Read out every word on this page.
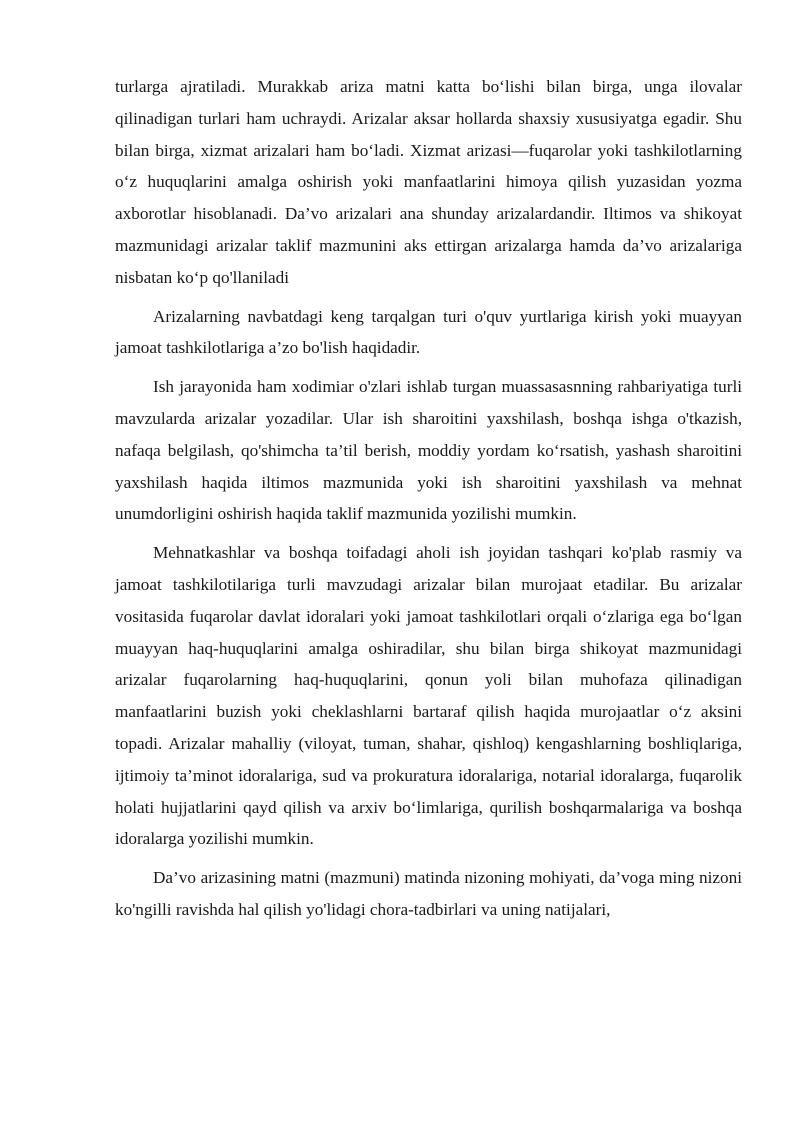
turlarga ajratiladi. Murakkab ariza matni katta boʻlishi bilan birga, unga ilovalar qilinadigan turlari ham uchraydi. Arizalar aksar hollarda shaxsiy xususiyatga egadir. Shu bilan birga, xizmat arizalari ham boʻladi. Xizmat arizasi—fuqarolar yoki tashkilotlarning oʻz huquqlarini amalga oshirish yoki manfaatlarini himoya qilish yuzasidan yozma axborotlar hisoblanadi. Da’vo arizalari ana shunday arizalardandir. Iltimos va shikoyat mazmunidagi arizalar taklif mazmunini aks ettirgan arizalarga hamda da’vo arizalariga nisbatan koʻp qo'llaniladi

Arizalarning navbatdagi keng tarqalgan turi o'quv yurtlariga kirish yoki muayyan jamoat tashkilotlariga a’zo bo'lish haqidadir.

Ish jarayonida ham xodimiar o'zlari ishlab turgan muassasasnning rahbariyatiga turli mavzularda arizalar yozadilar. Ular ish sharoitini yaxshilash, boshqa ishga o'tkazish, nafaqa belgilash, qo'shimcha ta’til berish, moddiy yordam koʻrsatish, yashash sharoitini yaxshilash haqida iltimos mazmunida yoki ish sharoitini yaxshilash va mehnat unumdorligini oshirish haqida taklif mazmunida yozilishi mumkin.

Mehnatkashlar va boshqa toifadagi aholi ish joyidan tashqari ko'plab rasmiy va jamoat tashkilotilariga turli mavzudagi arizalar bilan murojaat etadilar. Bu arizalar vositasida fuqarolar davlat idoralari yoki jamoat tashkilotlari orqali oʻzlariga ega boʻlgan muayyan haq-huquqlarini amalga oshiradilar, shu bilan birga shikoyat mazmunidagi arizalar fuqarolarning haq-huquqlarini, qonun yoli bilan muhofaza qilinadigan manfaatlarini buzish yoki cheklashlarni bartaraf qilish haqida murojaatlar oʻz aksini topadi. Arizalar mahalliy (viloyat, tuman, shahar, qishloq) kengashlarning boshliqlariga, ijtimoiy ta’minot idoralariga, sud va prokuratura idoralariga, notarial idoralarga, fuqarolik holati hujjatlarini qayd qilish va arxiv boʻlimlariga, qurilish boshqarmalariga va boshqa idoralarga yozilishi mumkin.

Da’vo arizasining matni (mazmuni) matinda nizoning mohiyati, da’voga ming nizoni ko'ngilli ravishda hal qilish yo'lidagi chora-tadbirlari va uning natijalari,
